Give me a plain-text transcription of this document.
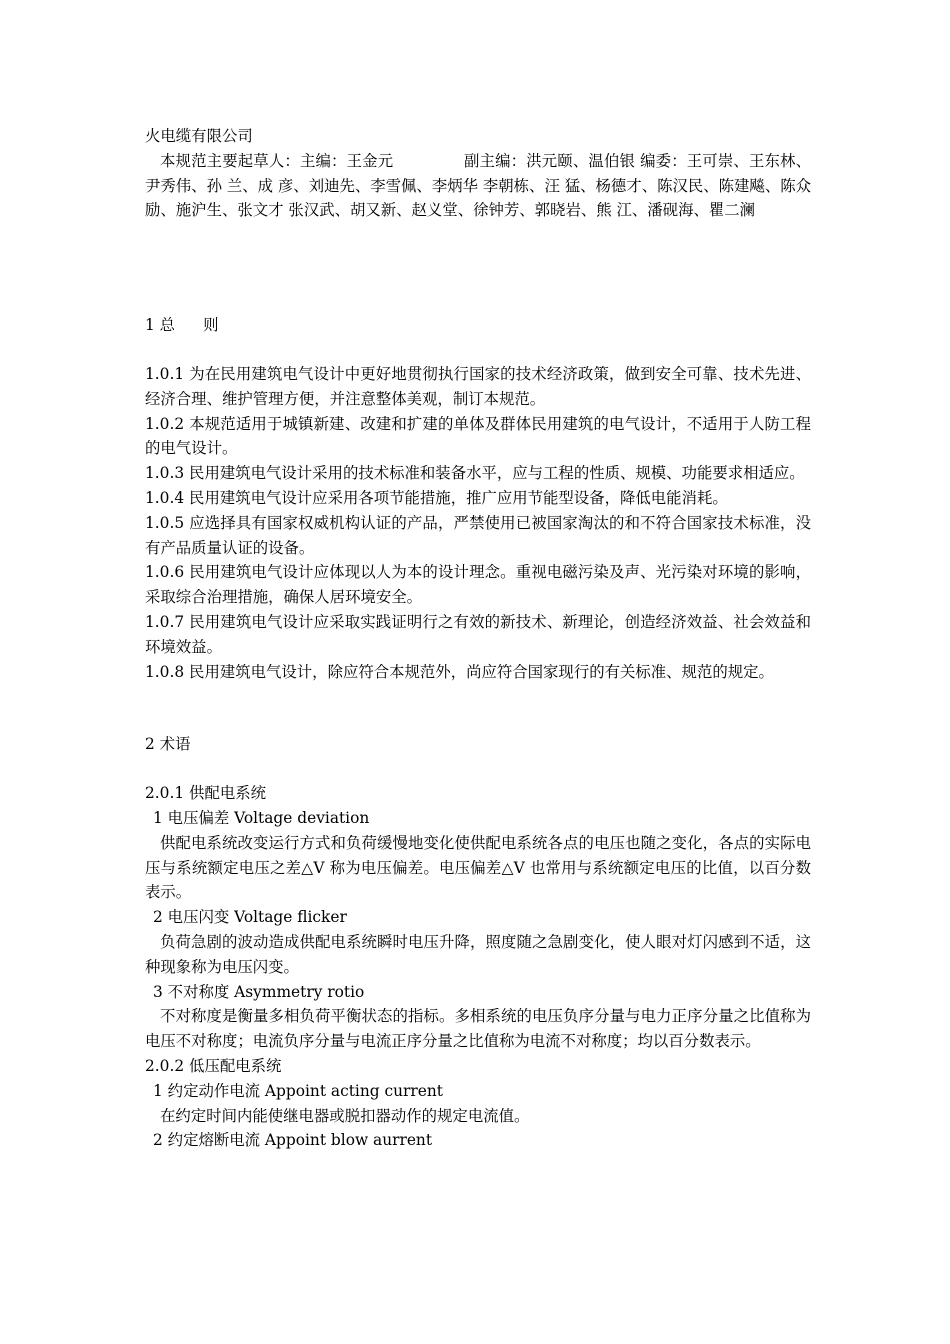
火电缆有限公司

本规范主要起草人：主编：王金元              副主编：洪元颐、温伯银 编委：王可崇、王东林、尹秀伟、孙 兰、成 彦、刘迪先、李雪佩、李炳华 李朝栋、汪 猛、杨德才、陈汉民、陈建飚、陈众励、施沪生、张文才 张汉武、胡又新、赵义堂、徐钟芳、郭晓岩、熊 江、潘砚海、瞿二澜

1 总 则

1.0.1 为在民用建筑电气设计中更好地贯彻执行国家的技术经济政策，做到安全可靠、技术先进、经济合理、维护管理方便，并注意整体美观，制订本规范。

1.0.2 本规范适用于城镇新建、改建和扩建的单体及群体民用建筑的电气设计，不适用于人防工程的电气设计。

1.0.3 民用建筑电气设计采用的技术标准和装备水平，应与工程的性质、规模、功能要求相适应。

1.0.4 民用建筑电气设计应采用各项节能措施，推广应用节能型设备，降低电能消耗。

1.0.5 应选择具有国家权威机构认证的产品，严禁使用已被国家淘汰的和不符合国家技术标准，没有产品质量认证的设备。

1.0.6 民用建筑电气设计应体现以人为本的设计理念。重视电磁污染及声、光污染对环境的影响，采取综合治理措施，确保人居环境安全。

1.0.7 民用建筑电气设计应采取实践证明行之有效的新技术、新理论，创造经济效益、社会效益和环境效益。

1.0.8 民用建筑电气设计，除应符合本规范外，尚应符合国家现行的有关标准、规范的规定。

2 术语

2.0.1 供配电系统

1 电压偏差 Voltage deviation

供配电系统改变运行方式和负荷缓慢地变化使供配电系统各点的电压也随之变化，各点的实际电压与系统额定电压之差△V 称为电压偏差。电压偏差△V 也常用与系统额定电压的比值，以百分数表示。

2 电压闪变 Voltage flicker

负荷急剧的波动造成供配电系统瞬时电压升降，照度随之急剧变化，使人眼对灯闪感到不适，这种现象称为电压闪变。

3 不对称度 Asymmetry rotio

不对称度是衡量多相负荷平衡状态的指标。多相系统的电压负序分量与电力正序分量之比值称为电压不对称度；电流负序分量与电流正序分量之比值称为电流不对称度；均以百分数表示。

2.0.2 低压配电系统

1 约定动作电流 Appoint acting current

在约定时间内能使继电器或脱扣器动作的规定电流值。

2 约定熔断电流 Appoint blow aurrent
